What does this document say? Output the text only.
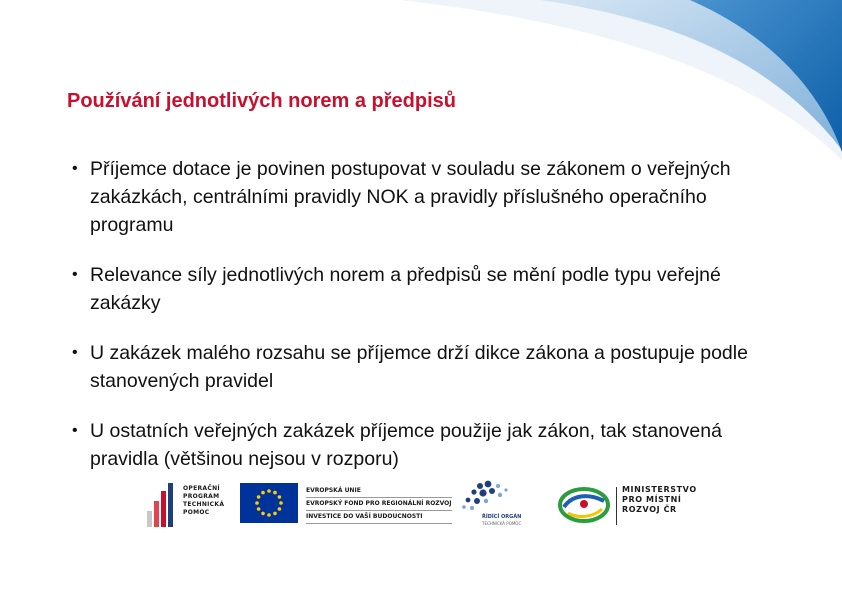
Používání jednotlivých norem a předpisů
• Příjemce dotace je povinen postupovat v souladu se zákonem o veřejných zakázkách, centrálními pravidly NOK a pravidly příslušného operačního programu
• Relevance síly jednotlivých norem a předpisů se mění podle typu veřejné zakázky
• U zakázek malého rozsahu se příjemce drží dikce zákona a postupuje podle stanovených pravidel
• U ostatních veřejných zakázek příjemce použije jak zákon, tak stanovená pravidla (většinou nejsou v rozporu)
OPERAČNÍ
PROGRAM
TECHNICKÁ
POMOC
EVROPSKÁ UNIE
EVROPSKÝ FOND PRO REGIONÁLNÍ ROZVOJ
INVESTICE DO VAŠÍ BUDOUCNOSTI	ŘÍDÍCÍ ORGÁN
TECHNICKÁ POMOC
MINISTERSTVO
PRO MÍSTNÍ
ROZVOJ ČR
